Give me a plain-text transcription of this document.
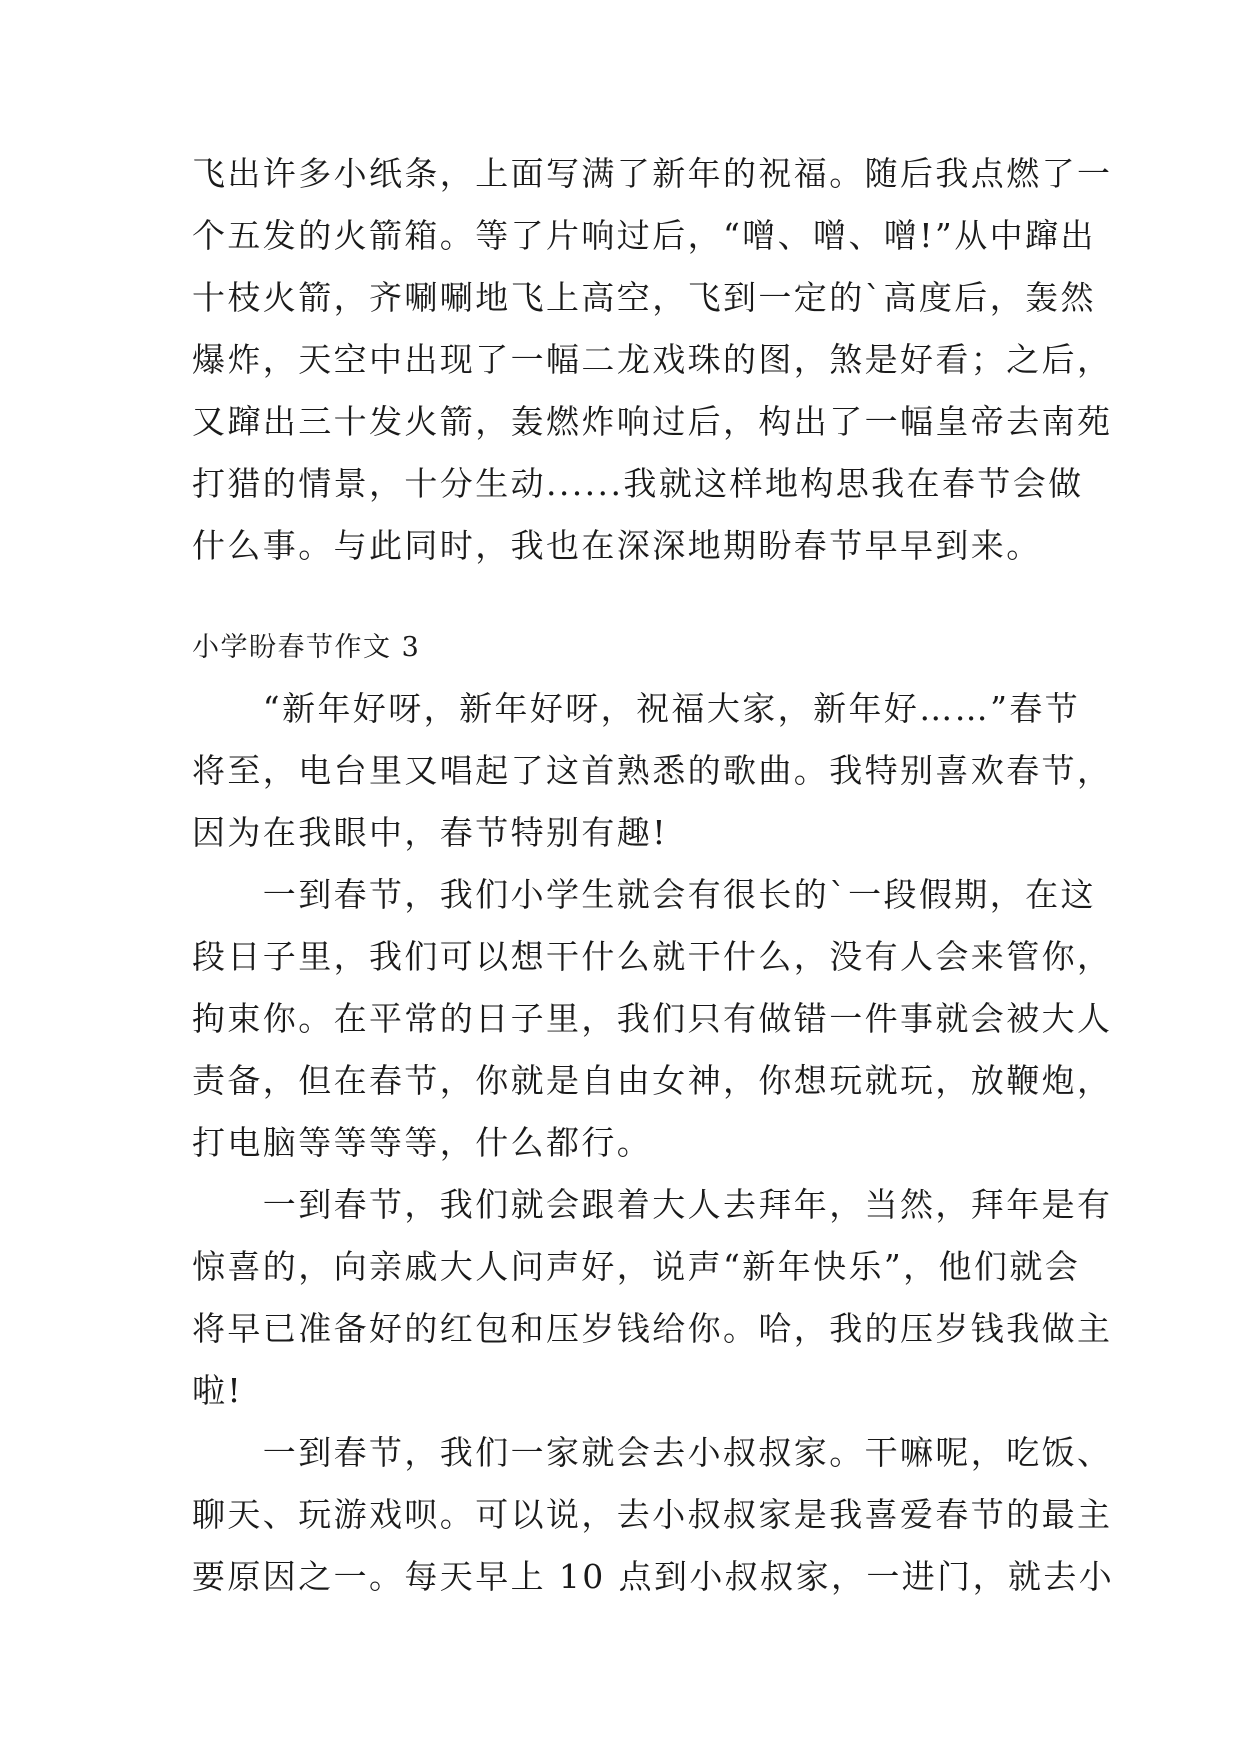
飞出许多小纸条，上面写满了新年的祝福。随后我点燃了一
个五发的火箭箱。等了片响过后，“噌、噌、噌!”从中蹿出
十枝火箭，齐唰唰地飞上高空，飞到一定的`高度后，轰然
爆炸，天空中出现了一幅二龙戏珠的图，煞是好看；之后，
又蹿出三十发火箭，轰燃炸响过后，构出了一幅皇帝去南苑
打猎的情景，十分生动......我就这样地构思我在春节会做
什么事。与此同时，我也在深深地期盼春节早早到来。
小学盼春节作文 3
　　“新年好呀，新年好呀，祝福大家，新年好……”春节
将至，电台里又唱起了这首熟悉的歌曲。我特别喜欢春节，
因为在我眼中，春节特别有趣!
　　一到春节，我们小学生就会有很长的`一段假期，在这
段日子里，我们可以想干什么就干什么，没有人会来管你，
拘束你。在平常的日子里，我们只有做错一件事就会被大人
责备，但在春节，你就是自由女神，你想玩就玩，放鞭炮，
打电脑等等等等，什么都行。
　　一到春节，我们就会跟着大人去拜年，当然，拜年是有
惊喜的，向亲戚大人问声好，说声“新年快乐”，他们就会
将早已准备好的红包和压岁钱给你。哈，我的压岁钱我做主
啦!
　　一到春节，我们一家就会去小叔叔家。干嘛呢，吃饭、
聊天、玩游戏呗。可以说，去小叔叔家是我喜爱春节的最主
要原因之一。每天早上 10 点到小叔叔家，一进门，就去小
